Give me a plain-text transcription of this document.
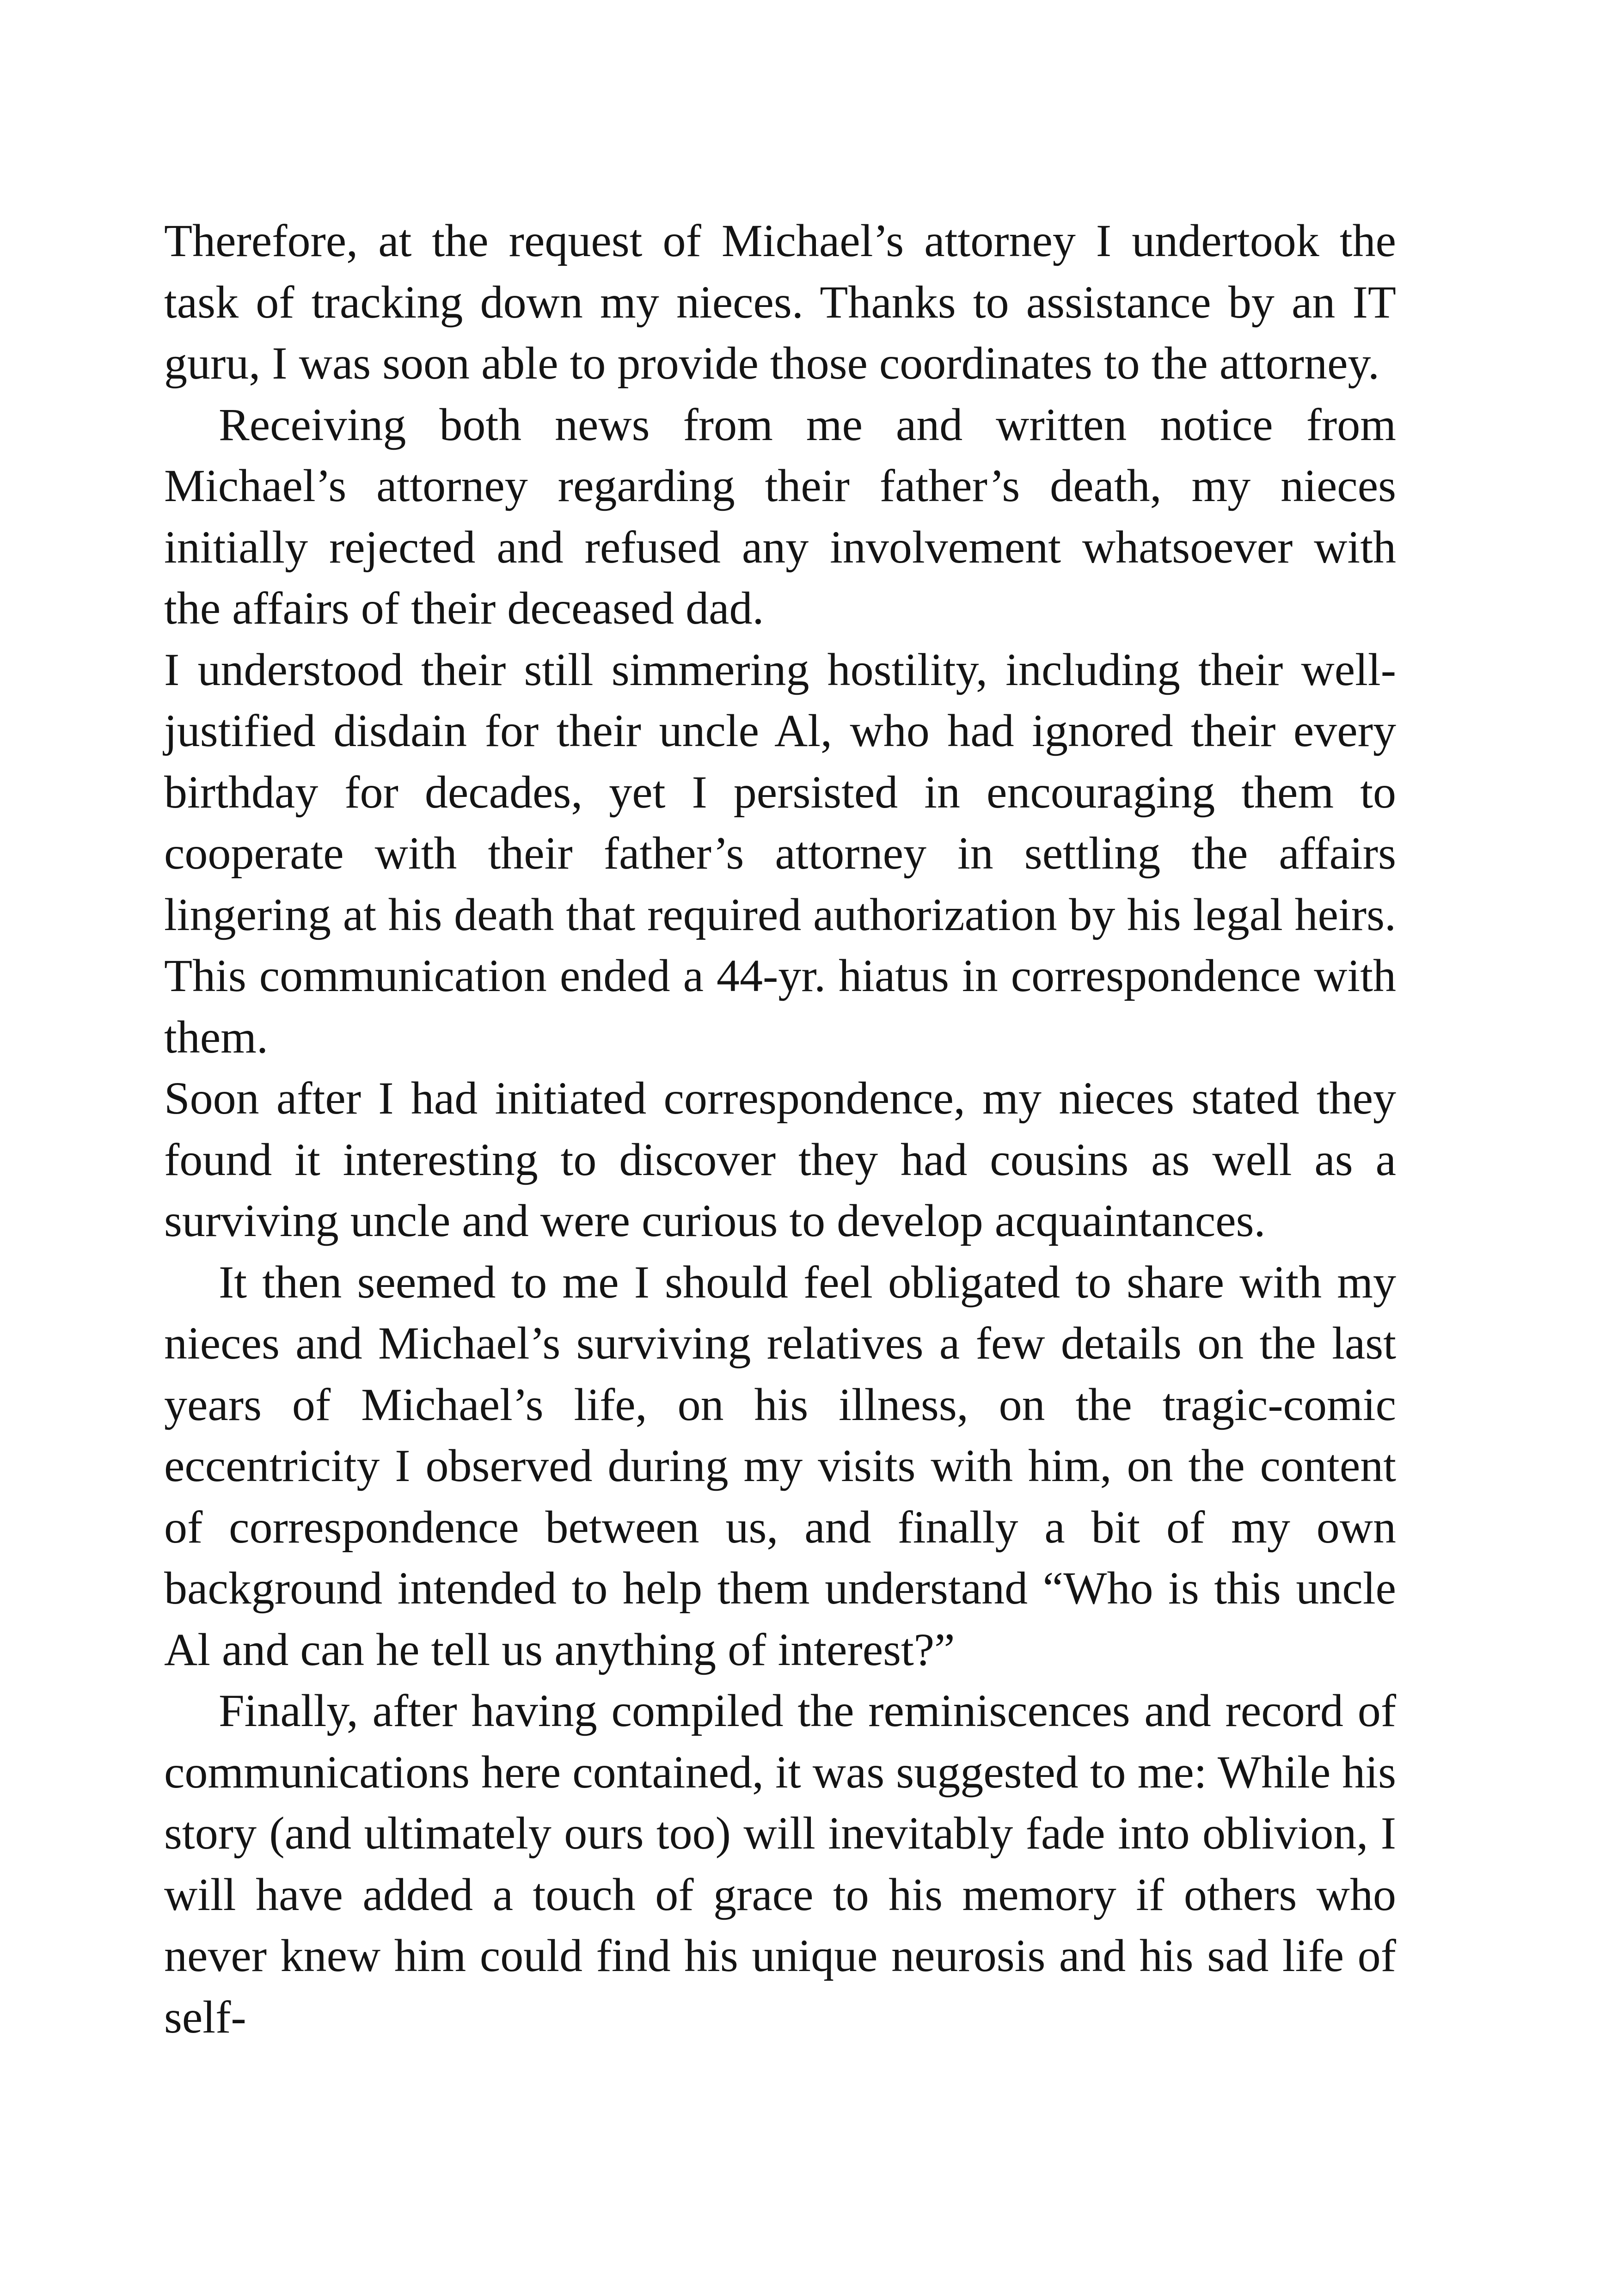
Therefore, at the request of Michael’s attorney I undertook the task of tracking down my nieces. Thanks to assistance by an IT guru, I was soon able to provide those coordinates to the attorney.

Receiving both news from me and written notice from Michael’s attorney regarding their father’s death, my nieces initially rejected and refused any involvement whatsoever with the affairs of their deceased dad.

I understood their still simmering hostility, including their well-justified disdain for their uncle Al, who had ignored their every birthday for decades, yet I persisted in encouraging them to cooperate with their father’s attorney in settling the affairs lingering at his death that required authorization by his legal heirs. This communication ended a 44-yr. hiatus in correspondence with them.

Soon after I had initiated correspondence, my nieces stated they found it interesting to discover they had cousins as well as a surviving uncle and were curious to develop acquaintances.

It then seemed to me I should feel obligated to share with my nieces and Michael’s surviving relatives a few details on the last years of Michael’s life, on his illness, on the tragic-comic eccentricity I observed during my visits with him, on the content of correspondence between us, and finally a bit of my own background intended to help them understand “Who is this uncle Al and can he tell us anything of interest?”

Finally, after having compiled the reminiscences and record of communications here contained, it was suggested to me: While his story (and ultimately ours too) will inevitably fade into oblivion, I will have added a touch of grace to his memory if others who never knew him could find his unique neurosis and his sad life of self-
